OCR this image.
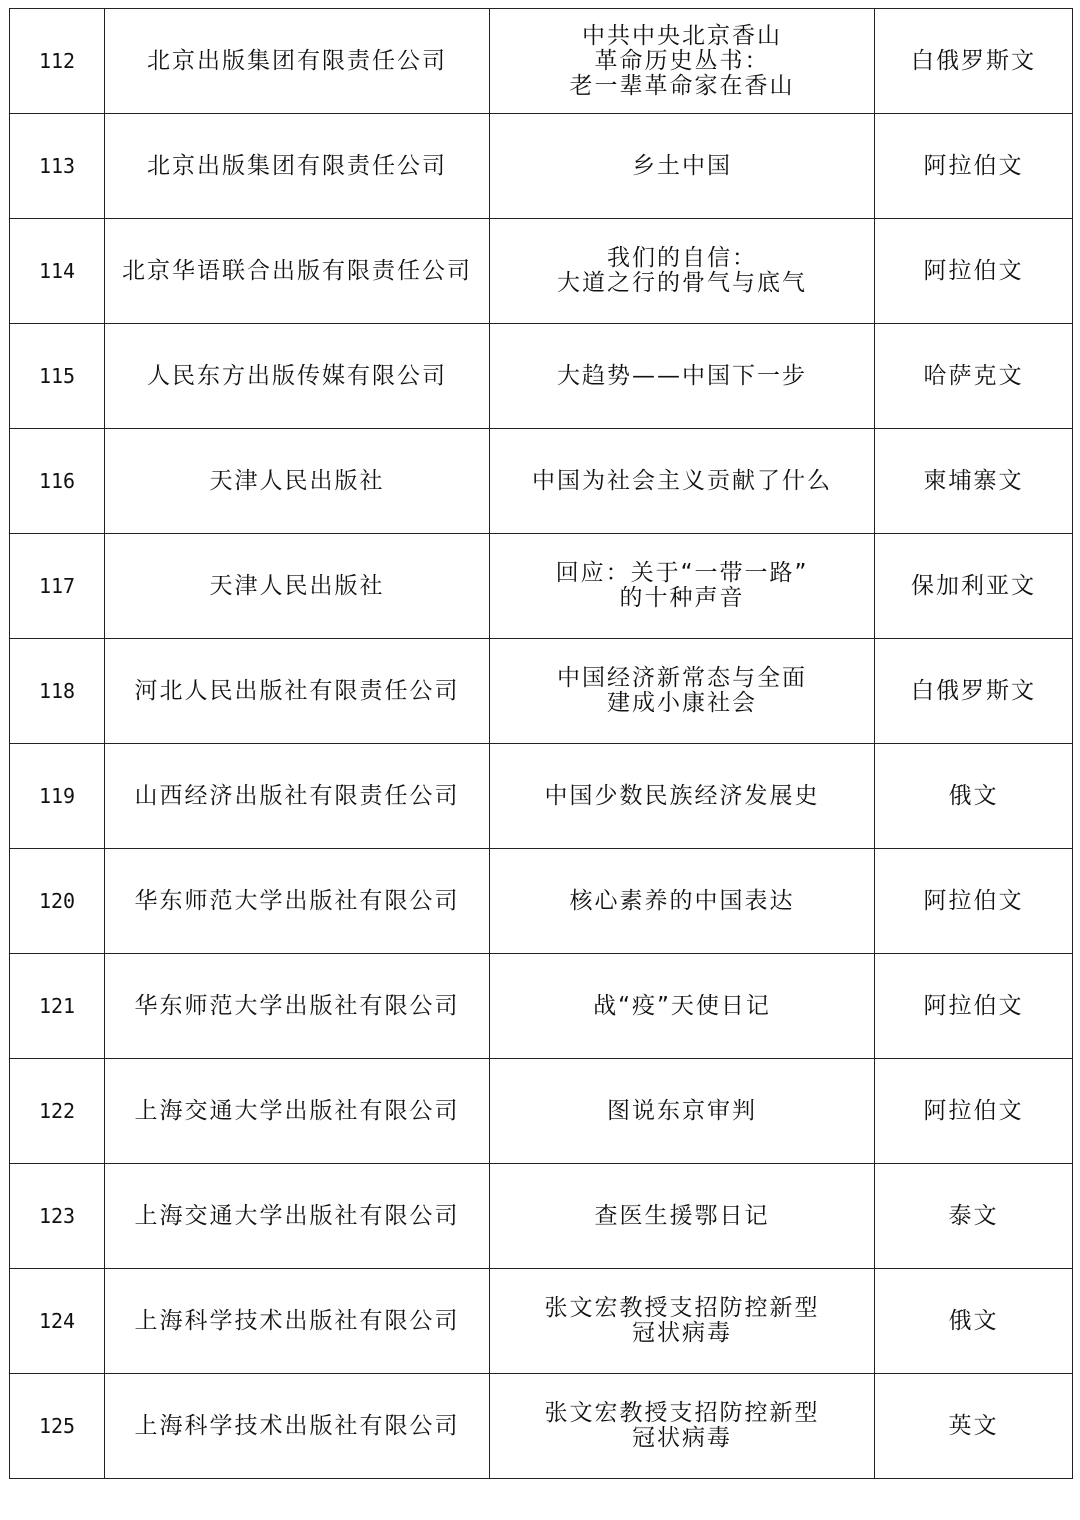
112	北京出版集团有限责任公司	中共中央北京香山
革命历史丛书：
老一辈革命家在香山	白俄罗斯文
113	北京出版集团有限责任公司	乡土中国	阿拉伯文
114	北京华语联合出版有限责任公司	我们的自信：
大道之行的骨气与底气	阿拉伯文
115	人民东方出版传媒有限公司	大趋势——中国下一步	哈萨克文
116	天津人民出版社	中国为社会主义贡献了什么	柬埔寨文
117	天津人民出版社	回应：关于“一带一路”
的十种声音	保加利亚文
118	河北人民出版社有限责任公司	中国经济新常态与全面
建成小康社会	白俄罗斯文
119	山西经济出版社有限责任公司	中国少数民族经济发展史	俄文
120	华东师范大学出版社有限公司	核心素养的中国表达	阿拉伯文
121	华东师范大学出版社有限公司	战“疫”天使日记	阿拉伯文
122	上海交通大学出版社有限公司	图说东京审判	阿拉伯文
123	上海交通大学出版社有限公司	查医生援鄂日记	泰文
124	上海科学技术出版社有限公司	张文宏教授支招防控新型
冠状病毒	俄文
125	上海科学技术出版社有限公司	张文宏教授支招防控新型
冠状病毒	英文
